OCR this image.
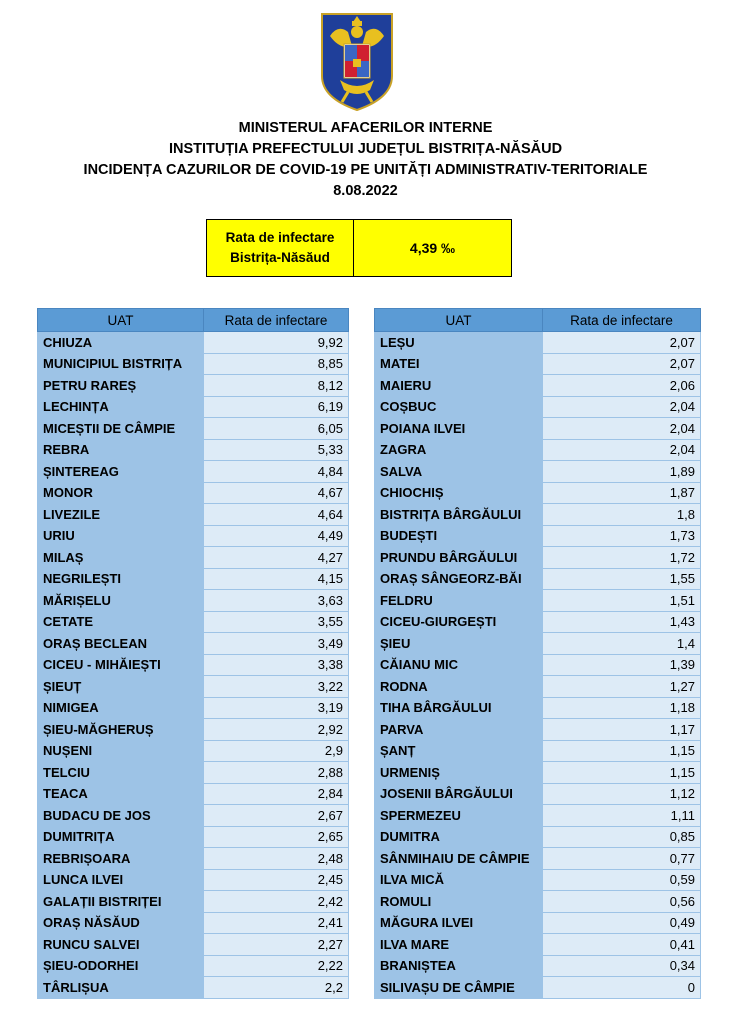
MINISTERUL AFACERILOR INTERNE
INSTITUȚIA PREFECTULUI JUDEȚUL BISTRIȚA-NĂSĂUD
INCIDENȚA CAZURILOR DE COVID-19 PE UNITĂȚI ADMINISTRATIV-TERITORIALE
8.08.2022
Rata de infectare
Bistrița-Năsăud
4,39 ‰
UAT	Rata de infectare
CHIUZA	9,92
MUNICIPIUL BISTRIȚA	8,85
PETRU RAREȘ	8,12
LECHINȚA	6,19
MICEȘTII DE CÂMPIE	6,05
REBRA	5,33
ȘINTEREAG	4,84
MONOR	4,67
LIVEZILE	4,64
URIU	4,49
MILAȘ	4,27
NEGRILEȘTI	4,15
MĂRIȘELU	3,63
CETATE	3,55
ORAȘ BECLEAN	3,49
CICEU - MIHĂIEȘTI	3,38
ȘIEUȚ	3,22
NIMIGEA	3,19
ȘIEU-MĂGHERUȘ	2,92
NUȘENI	2,9
TELCIU	2,88
TEACA	2,84
BUDACU DE JOS	2,67
DUMITRIȚA	2,65
REBRIȘOARA	2,48
LUNCA ILVEI	2,45
GALAȚII BISTRIȚEI	2,42
ORAȘ NĂSĂUD	2,41
RUNCU SALVEI	2,27
ȘIEU-ODORHEI	2,22
TÂRLIȘUA	2,2
UAT	Rata de infectare
LEȘU	2,07
MATEI	2,07
MAIERU	2,06
COȘBUC	2,04
POIANA ILVEI	2,04
ZAGRA	2,04
SALVA	1,89
CHIOCHIȘ	1,87
BISTRIȚA BÂRGĂULUI	1,8
BUDEȘTI	1,73
PRUNDU BÂRGĂULUI	1,72
ORAȘ SÂNGEORZ-BĂI	1,55
FELDRU	1,51
CICEU-GIURGEȘTI	1,43
ȘIEU	1,4
CĂIANU MIC	1,39
RODNA	1,27
TIHA BÂRGĂULUI	1,18
PARVA	1,17
ȘANȚ	1,15
URMENIȘ	1,15
JOSENII BÂRGĂULUI	1,12
SPERMEZEU	1,11
DUMITRA	0,85
SÂNMIHAIU DE CÂMPIE	0,77
ILVA MICĂ	0,59
ROMULI	0,56
MĂGURA ILVEI	0,49
ILVA MARE	0,41
BRANIȘTEA	0,34
SILIVAȘU DE CÂMPIE	0
